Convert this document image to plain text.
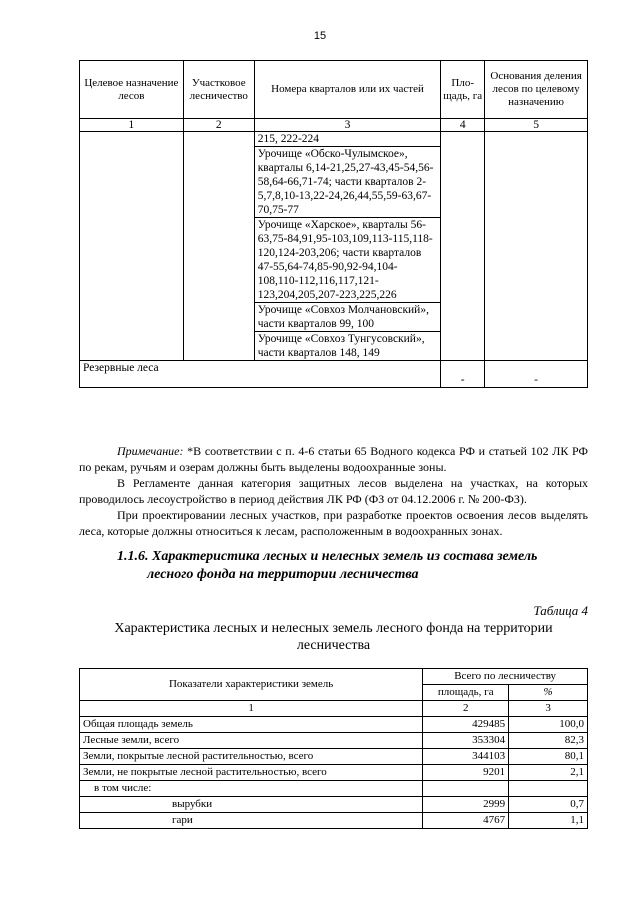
15
Целевое назначение лесов	Участковое лесничество	Номера кварталов или их частей	Пло-щадь, га	Основания деления лесов по целевому назначению
1	2	3	4	5
		215, 222-224		
		Урочище «Обско-Чулымское», кварталы 6,14-21,25,27-43,45-54,56-58,64-66,71-74; части кварталов 2-5,7,8,10-13,22-24,26,44,55,59-63,67-70,75-77		
		Урочище «Харское», кварталы 56-63,75-84,91,95-103,109,113-115,118-120,124-203,206; части кварталов 47-55,64-74,85-90,92-94,104-108,110-112,116,117,121-123,204,205,207-223,225,226		
		Урочище «Совхоз Молчановский», части кварталов 99, 100		
		Урочище «Совхоз Тунгусовский», части кварталов 148, 149		
Резервные леса			-	-

Примечание: *В соответствии с п. 4-6 статьи 65 Водного кодекса РФ и статьей 102 ЛК РФ по рекам, ручьям и озерам должны быть выделены водоохранные зоны.

В Регламенте данная категория защитных лесов выделена на участках, на которых проводилось лесоустройство в период действия ЛК РФ (ФЗ от 04.12.2006 г. № 200-ФЗ).

При проектировании лесных участков, при разработке проектов освоения лесов выделять леса, которые должны относиться к лесам, расположенным в водоохранных зонах.

1.1.6. Характеристика лесных и нелесных земель из состава земель
лесного фонда на территории лесничества
Таблица 4
Характеристика лесных и нелесных земель лесного фонда на территории лесничества
Показатели характеристики земель	Всего по лесничеству	
	площадь, га	%
1	2	3
Общая площадь земель	429485	100,0
Лесные земли, всего	353304	82,3
Земли, покрытые лесной растительностью, всего	344103	80,1
Земли, не покрытые лесной растительностью, всего	9201	2,1
в том числе:		
вырубки	2999	0,7
гари	4767	1,1
